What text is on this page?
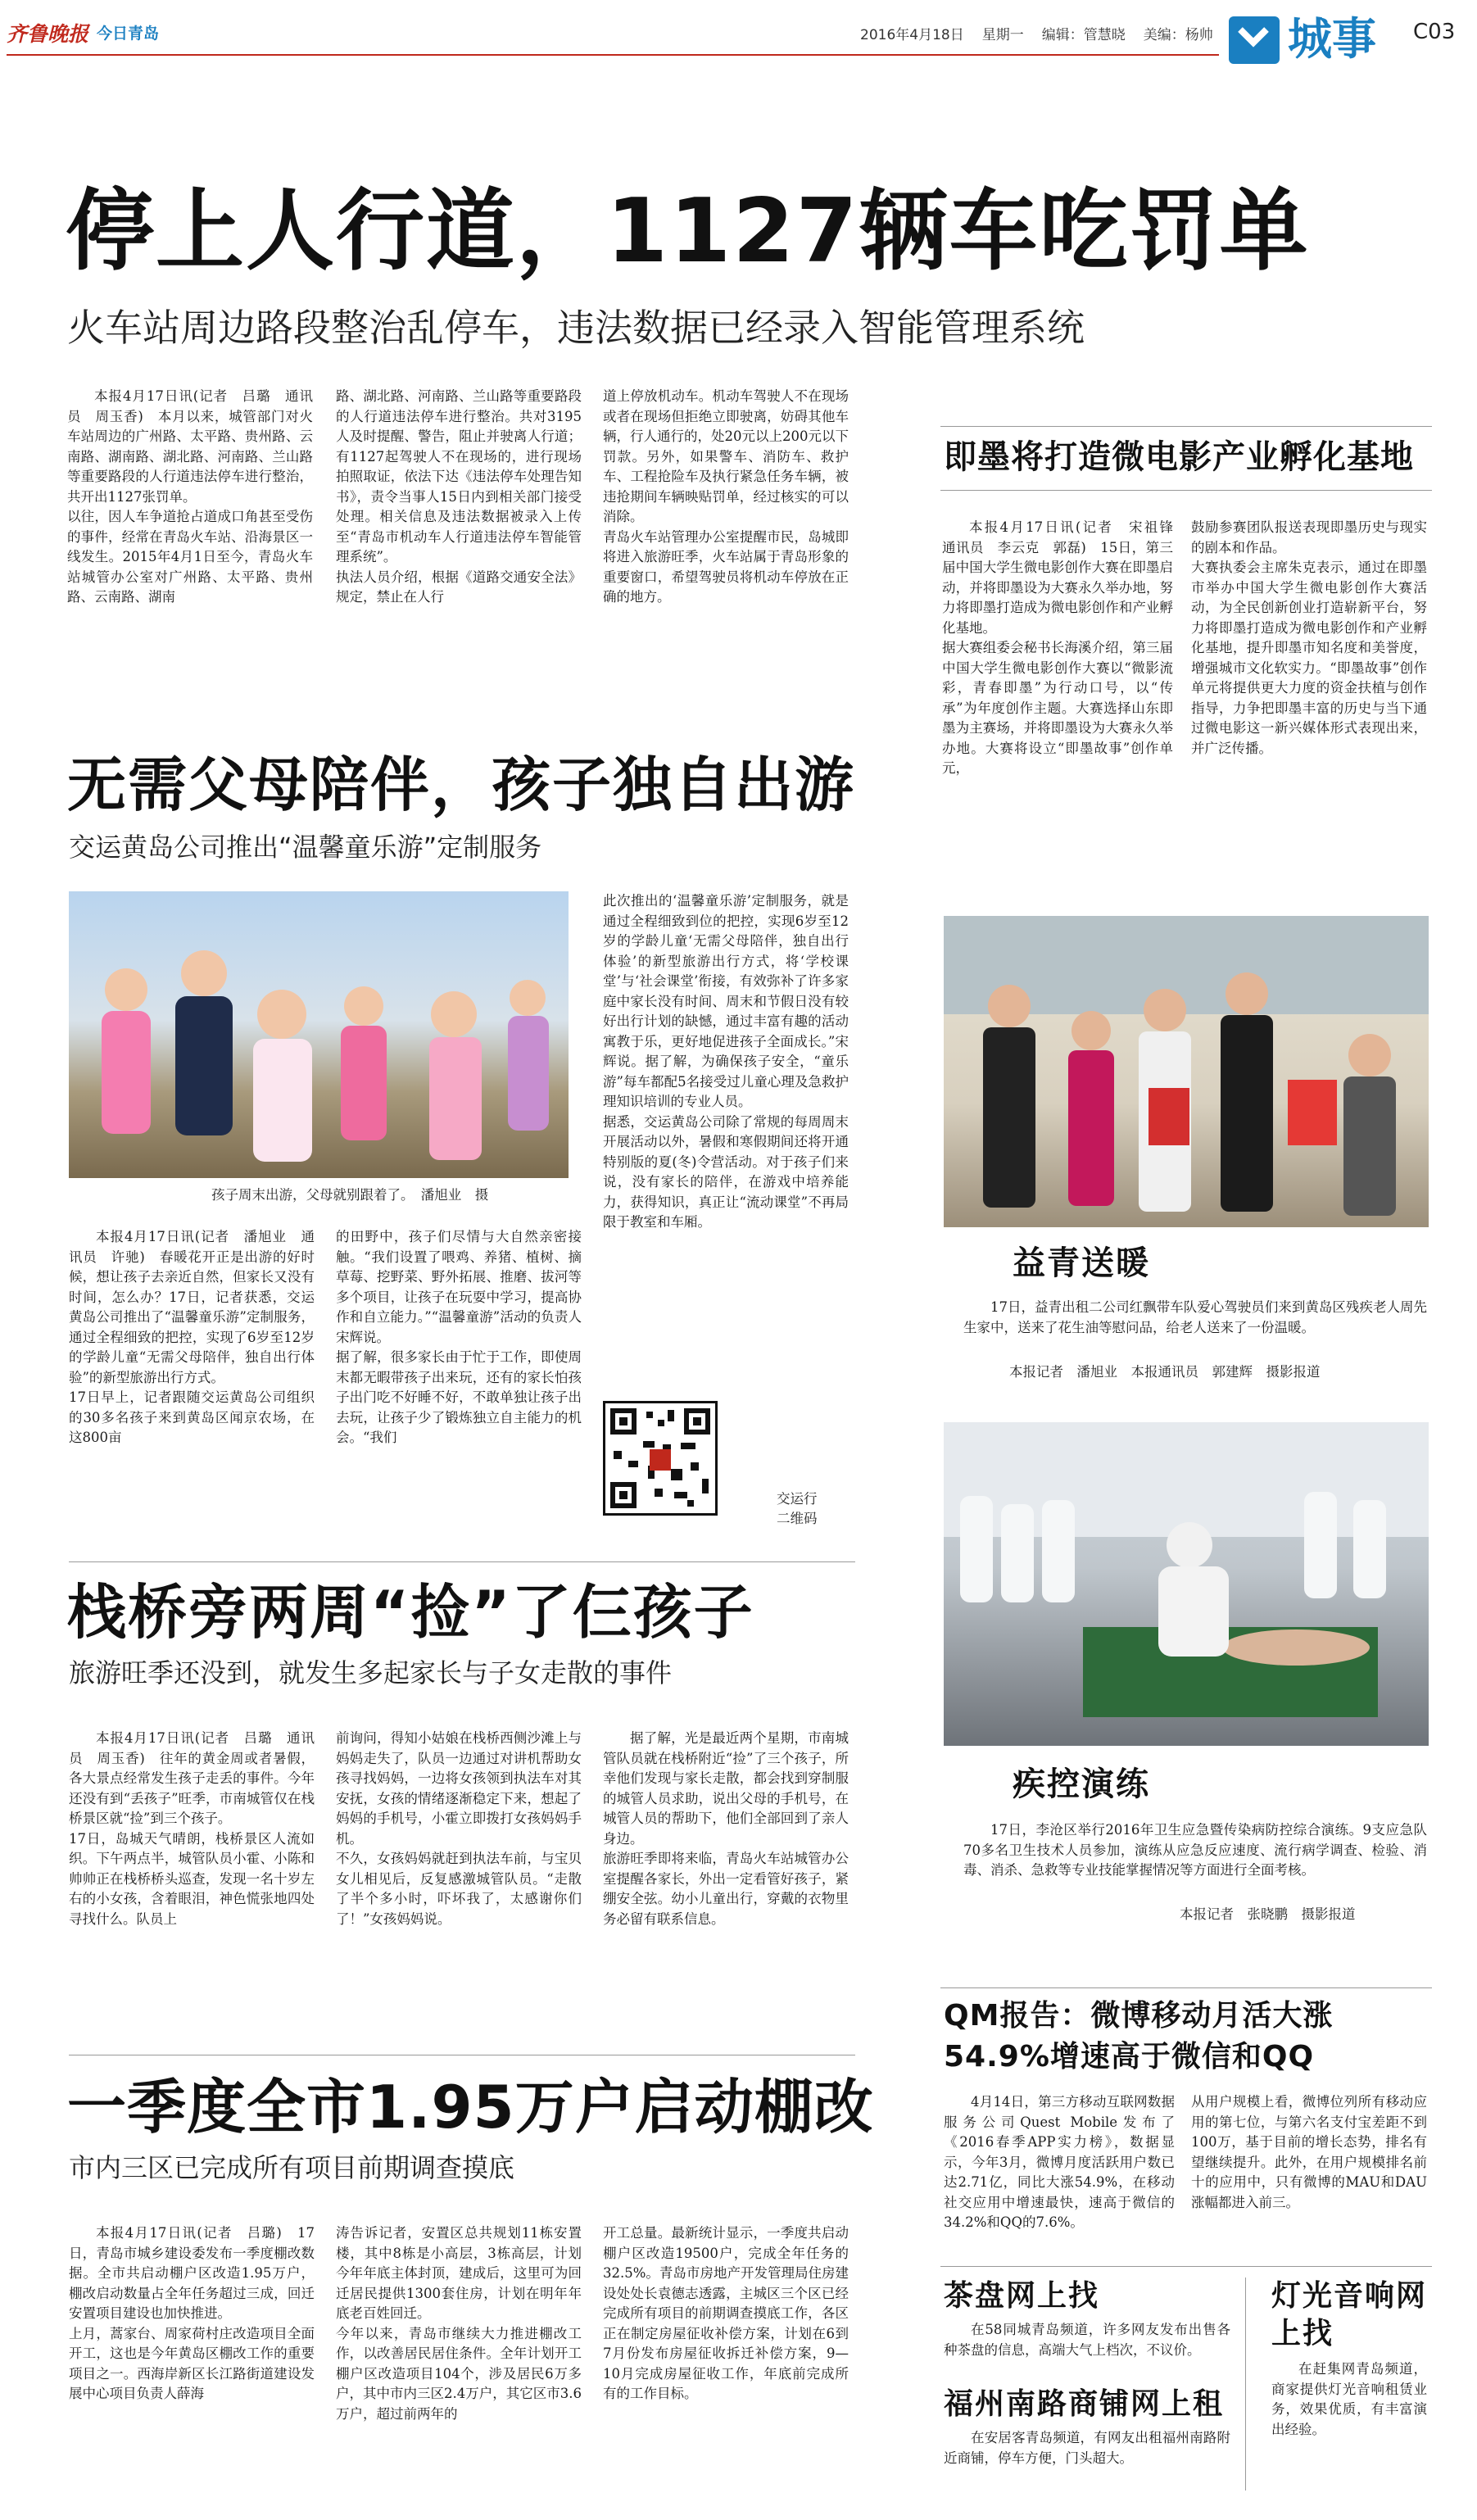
齐鲁晚报 今日青岛	2016年4月18日 星期一 编辑：管慧晓 美编：杨帅 城事 C03
停上人行道，1127辆车吃罚单
火车站周边路段整治乱停车，违法数据已经录入智能管理系统
本报4月17日讯(记者　吕璐　通讯员　周玉香)　本月以来，城管部门对火车站周边的广州路、太平路、贵州路、云南路、湖南路、湖北路、河南路、兰山路等重要路段的人行道违法停车进行整治，共开出1127张罚单。
以往，因人车争道抢占道成口角甚至受伤的事件，经常在青岛火车站、沿海景区一线发生。2015年4月1日至今，青岛火车站城管办公室对广州路、太平路、贵州路、云南路、湖南
路、湖北路、河南路、兰山路等重要路段的人行道违法停车进行整治。共对3195人及时提醒、警告，阻止并驶离人行道；有1127起驾驶人不在现场的，进行现场拍照取证，依法下达《违法停车处理告知书》，责令当事人15日内到相关部门接受处理。相关信息及违法数据被录入上传至“青岛市机动车人行道违法停车智能管理系统”。
执法人员介绍，根据《道路交通安全法》规定，禁止在人行
道上停放机动车。机动车驾驶人不在现场或者在现场但拒绝立即驶离，妨碍其他车辆，行人通行的，处20元以上200元以下罚款。另外，如果警车、消防车、救护车、工程抢险车及执行紧急任务车辆，被违抢期间车辆映贴罚单，经过核实的可以消除。
青岛火车站管理办公室提醒市民，岛城即将进入旅游旺季，火车站属于青岛形象的重要窗口，希望驾驶员将机动车停放在正确的地方。
即墨将打造微电影产业孵化基地
本报4月17日讯(记者　宋祖锋　通讯员　李云克　郭磊)　15日，第三届中国大学生微电影创作大赛在即墨启动，并将即墨设为大赛永久举办地，努力将即墨打造成为微电影创作和产业孵化基地。
据大赛组委会秘书长海溪介绍，第三届中国大学生微电影创作大赛以“微影流彩，青春即墨”为行动口号，以“传承”为年度创作主题。大赛选择山东即墨为主赛场，并将即墨设为大赛永久举办地。大赛将设立“即墨故事”创作单元，
鼓励参赛团队报送表现即墨历史与现实的剧本和作品。
大赛执委会主席朱克表示，通过在即墨市举办中国大学生微电影创作大赛活动，为全民创新创业打造崭新平台，努力将即墨打造成为微电影创作和产业孵化基地，提升即墨市知名度和美誉度，增强城市文化软实力。“即墨故事”创作单元将提供更大力度的资金扶植与创作指导，力争把即墨丰富的历史与当下通过微电影这一新兴媒体形式表现出来，并广泛传播。
无需父母陪伴，孩子独自出游
交运黄岛公司推出“温馨童乐游”定制服务
孩子周末出游，父母就别跟着了。　潘旭业　摄
本报4月17日讯(记者　潘旭业　通讯员　许驰)　春暖花开正是出游的好时候，想让孩子去亲近自然，但家长又没有时间，怎么办？17日，记者获悉，交运黄岛公司推出了“温馨童乐游”定制服务，通过全程细致的把控，实现了6岁至12岁的学龄儿童“无需父母陪伴，独自出行体验”的新型旅游出行方式。
17日早上，记者跟随交运黄岛公司组织的30多名孩子来到黄岛区闻京农场，在这800亩
的田野中，孩子们尽情与大自然亲密接触。“我们设置了喂鸡、养猪、植树、摘草莓、挖野菜、野外拓展、推磨、拔河等多个项目，让孩子在玩耍中学习，提高协作和自立能力。”“温馨童游”活动的负责人宋辉说。
据了解，很多家长由于忙于工作，即使周末都无暇带孩子出来玩，还有的家长怕孩子出门吃不好睡不好，不敢单独让孩子出去玩，让孩子少了锻炼独立自主能力的机会。“我们
此次推出的‘温馨童乐游’定制服务，就是通过全程细致到位的把控，实现6岁至12岁的学龄儿童‘无需父母陪伴，独自出行体验’的新型旅游出行方式，将‘学校课堂’与‘社会课堂’衔接，有效弥补了许多家庭中家长没有时间、周末和节假日没有较好出行计划的缺憾，通过丰富有趣的活动寓教于乐，更好地促进孩子全面成长。”宋辉说。据了解，为确保孩子安全，“童乐游”每车都配5名接受过儿童心理及急救护理知识培训的专业人员。
据悉，交运黄岛公司除了常规的每周周末开展活动以外，暑假和寒假期间还将开通特别版的夏(冬)令营活动。对于孩子们来说，没有家长的陪伴，在游戏中培养能力，获得知识，真正让“流动课堂”不再局限于教室和车厢。
交运行
二维码
益青送暖
17日，益青出租二公司红飘带车队爱心驾驶员们来到黄岛区残疾老人周先生家中，送来了花生油等慰问品，给老人送来了一份温暖。
本报记者　潘旭业　本报通讯员　郭建辉　摄影报道
栈桥旁两周“捡”了仨孩子
旅游旺季还没到，就发生多起家长与子女走散的事件
本报4月17日讯(记者　吕璐　通讯员　周玉香)　往年的黄金周或者暑假，各大景点经常发生孩子走丢的事件。今年还没有到“丢孩子”旺季，市南城管仅在栈桥景区就“捡”到三个孩子。
17日，岛城天气晴朗，栈桥景区人流如织。下午两点半，城管队员小霍、小陈和帅帅正在栈桥桥头巡查，发现一名十岁左右的小女孩，含着眼泪，神色慌张地四处寻找什么。队员上
前询问，得知小姑娘在栈桥西侧沙滩上与妈妈走失了，队员一边通过对讲机帮助女孩寻找妈妈，一边将女孩领到执法车对其安抚，女孩的情绪逐渐稳定下来，想起了妈妈的手机号，小霍立即拨打女孩妈妈手机。
不久，女孩妈妈就赶到执法车前，与宝贝女儿相见后，反复感激城管队员。“走散了半个多小时，吓坏我了，太感谢你们了！”女孩妈妈说。
据了解，光是最近两个星期，市南城管队员就在栈桥附近“捡”了三个孩子，所幸他们发现与家长走散，都会找到穿制服的城管人员求助，说出父母的手机号，在城管人员的帮助下，他们全部回到了亲人身边。
旅游旺季即将来临，青岛火车站城管办公室提醒各家长，外出一定看管好孩子，紧绷安全弦。幼小儿童出行，穿戴的衣物里务必留有联系信息。
疾控演练
17日，李沧区举行2016年卫生应急暨传染病防控综合演练。9支应急队70多名卫生技术人员参加，演练从应急反应速度、流行病学调查、检验、消毒、消杀、急救等专业技能掌握情况等方面进行全面考核。
本报记者　张晓鹏　摄影报道
一季度全市1.95万户启动棚改
市内三区已完成所有项目前期调查摸底
本报4月17日讯(记者　吕璐)　17日，青岛市城乡建设委发布一季度棚改数据。全市共启动棚户区改造1.95万户，棚改启动数量占全年任务超过三成，回迁安置项目建设也加快推进。
上月，蒿家台、周家荷村庄改造项目全面开工，这也是今年黄岛区棚改工作的重要项目之一。西海岸新区长江路街道建设发展中心项目负责人薛海
涛告诉记者，安置区总共规划11栋安置楼，其中8栋是小高层，3栋高层，计划今年年底主体封顶，建成后，这里可为回迁居民提供1300套住房，计划在明年年底老百姓回迁。
今年以来，青岛市继续大力推进棚改工作，以改善居民居住条件。全年计划开工棚户区改造项目104个，涉及居民6万多户，其中市内三区2.4万户，其它区市3.6万户，超过前两年的
开工总量。最新统计显示，一季度共启动棚户区改造19500户，完成全年任务的32.5%。青岛市房地产开发管理局住房建设处处长袁德志透露，主城区三个区已经完成所有项目的前期调查摸底工作，各区正在制定房屋征收补偿方案，计划在6到7月份发布房屋征收拆迁补偿方案，9—10月完成房屋征收工作，年底前完成所有的工作目标。
QM报告：微博移动月活大涨54.9%增速高于微信和QQ
4月14日，第三方移动互联网数据服务公司Quest Mobile发布了《2016春季APP实力榜》，数据显示，今年3月，微博月度活跃用户数已达2.71亿，同比大涨54.9%，在移动社交应用中增速最快，速高于微信的34.2%和QQ的7.6%。
从用户规模上看，微博位列所有移动应用的第七位，与第六名支付宝差距不到100万，基于目前的增长态势，排名有望继续提升。此外，在用户规模排名前十的应用中，只有微博的MAU和DAU涨幅都进入前三。
茶盘网上找
在58同城青岛频道，许多网友发布出售各种茶盘的信息，高端大气上档次，不议价。
福州南路商铺网上租
在安居客青岛频道，有网友出租福州南路附近商铺，停车方便，门头超大。
灯光音响网上找
在赶集网青岛频道，商家提供灯光音响租赁业务，效果优质，有丰富演出经验。
